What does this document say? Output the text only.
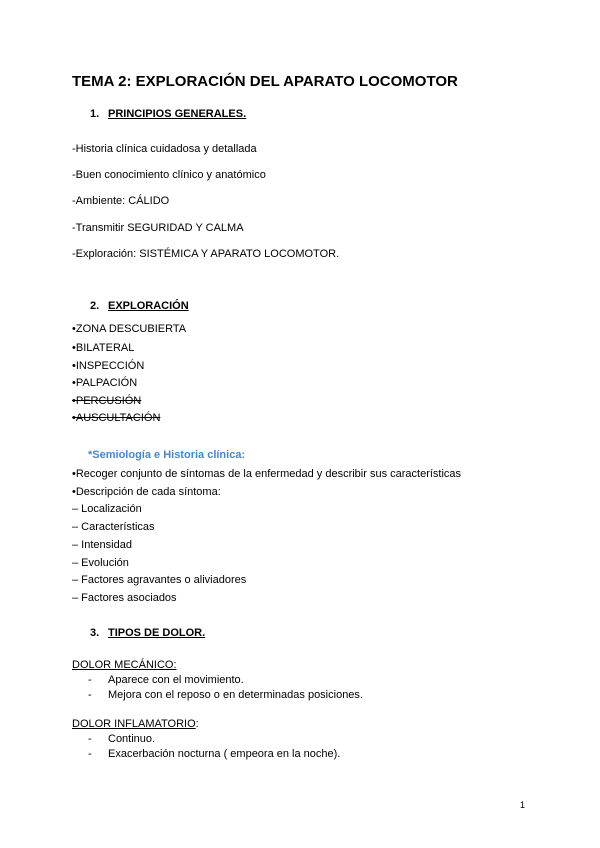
TEMA 2: EXPLORACIÓN DEL APARATO LOCOMOTOR
1. PRINCIPIOS GENERALES.
-Historia clínica cuidadosa y detallada
-Buen conocimiento clínico y anatómico
-Ambiente: CÁLIDO
-Transmitir SEGURIDAD Y CALMA
-Exploración: SISTÉMICA Y APARATO LOCOMOTOR.
2. EXPLORACIÓN
•ZONA DESCUBIERTA
•BILATERAL
•INSPECCIÓN
•PALPACIÓN
•PERCUSIÓN
•AUSCULTACIÓN
*Semiología e Historia clínica:
•Recoger conjunto de síntomas de la enfermedad y describir sus características
•Descripción de cada síntoma:
– Localización
– Características
– Intensidad
– Evolución
– Factores agravantes o aliviadores
– Factores asociados
3. TIPOS DE DOLOR.
DOLOR MECÁNICO:
- Aparece con el movimiento.
- Mejora con el reposo o en determinadas posiciones.
DOLOR INFLAMATORIO:
- Continuo.
- Exacerbación nocturna ( empeora en la noche).
1
